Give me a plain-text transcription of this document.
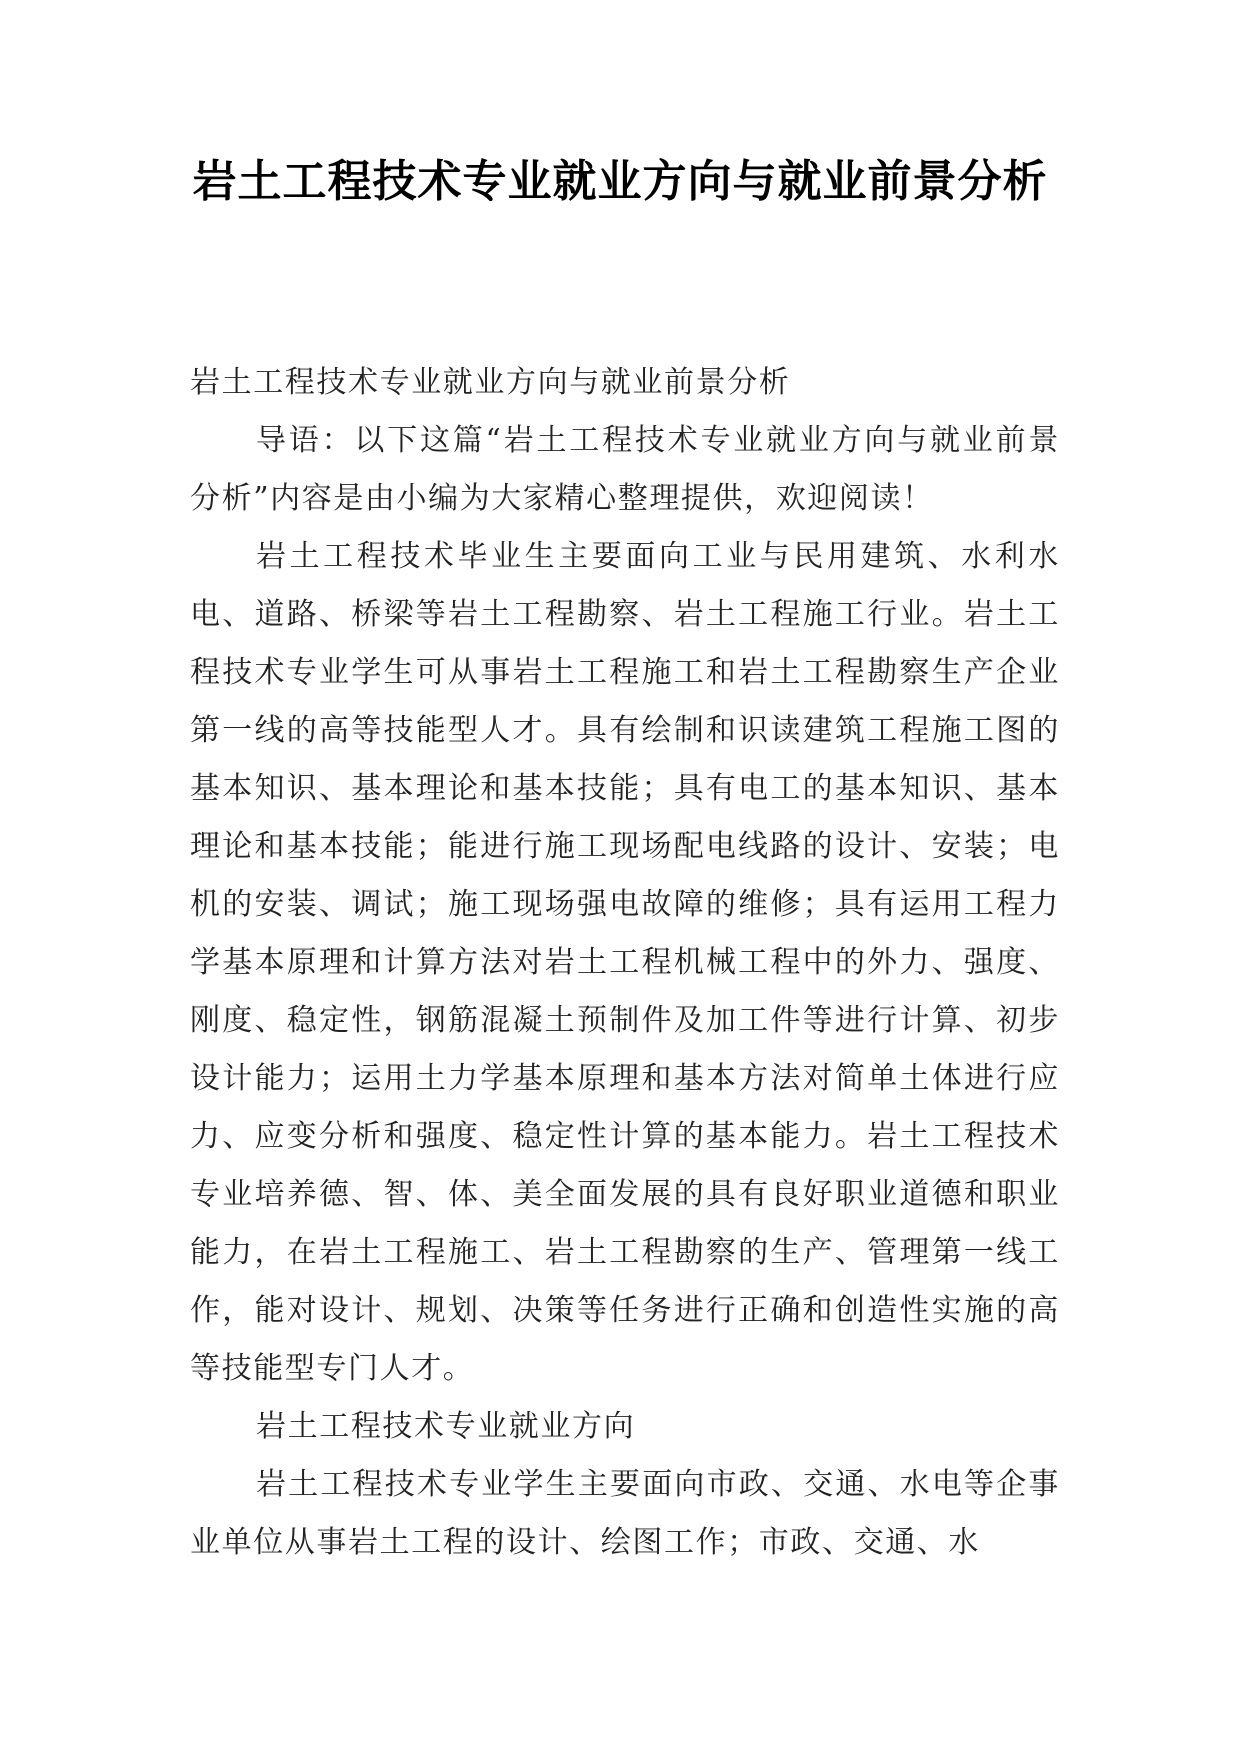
岩土工程技术专业就业方向与就业前景分析

岩土工程技术专业就业方向与就业前景分析

导语：以下这篇“岩土工程技术专业就业方向与就业前景分析”内容是由小编为大家精心整理提供，欢迎阅读！

岩土工程技术毕业生主要面向工业与民用建筑、水利水电、道路、桥梁等岩土工程勘察、岩土工程施工行业。岩土工程技术专业学生可从事岩土工程施工和岩土工程勘察生产企业第一线的高等技能型人才。具有绘制和识读建筑工程施工图的基本知识、基本理论和基本技能；具有电工的基本知识、基本理论和基本技能；能进行施工现场配电线路的设计、安装；电机的安装、调试；施工现场强电故障的维修；具有运用工程力学基本原理和计算方法对岩土工程机械工程中的外力、强度、刚度、稳定性，钢筋混凝土预制件及加工件等进行计算、初步设计能力；运用土力学基本原理和基本方法对简单土体进行应力、应变分析和强度、稳定性计算的基本能力。岩土工程技术专业培养德、智、体、美全面发展的具有良好职业道德和职业能力，在岩土工程施工、岩土工程勘察的生产、管理第一线工作，能对设计、规划、决策等任务进行正确和创造性实施的高等技能型专门人才。

岩土工程技术专业就业方向

岩土工程技术专业学生主要面向市政、交通、水电等企事业单位从事岩土工程的设计、绘图工作；市政、交通、水
